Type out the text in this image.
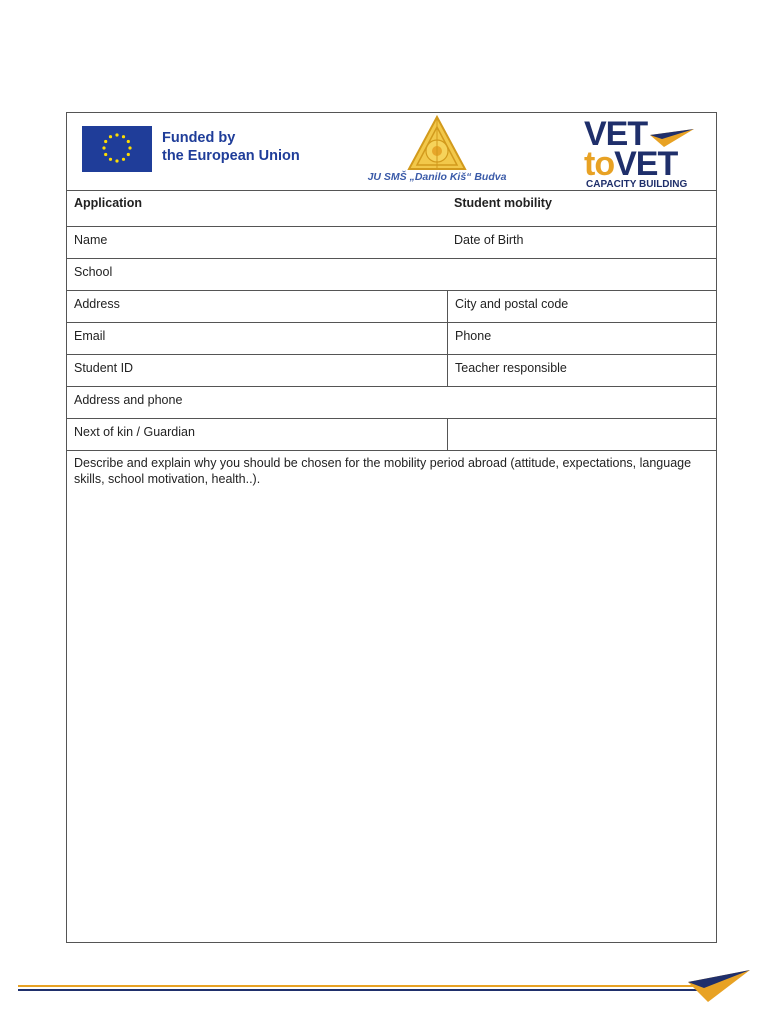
Funded by
the European Union
JU SMŠ „Danilo Kiš“ Budva
VET
toVET
CAPACITY BUILDING
Application	Student mobility
Name	Date of Birth
School
Address	City and postal code
Email	Phone
Student ID	Teacher responsible
Address and phone
Next of kin / Guardian
Describe and explain why you should be chosen for the mobility period abroad (attitude, expectations, language skills, school motivation, health..).
